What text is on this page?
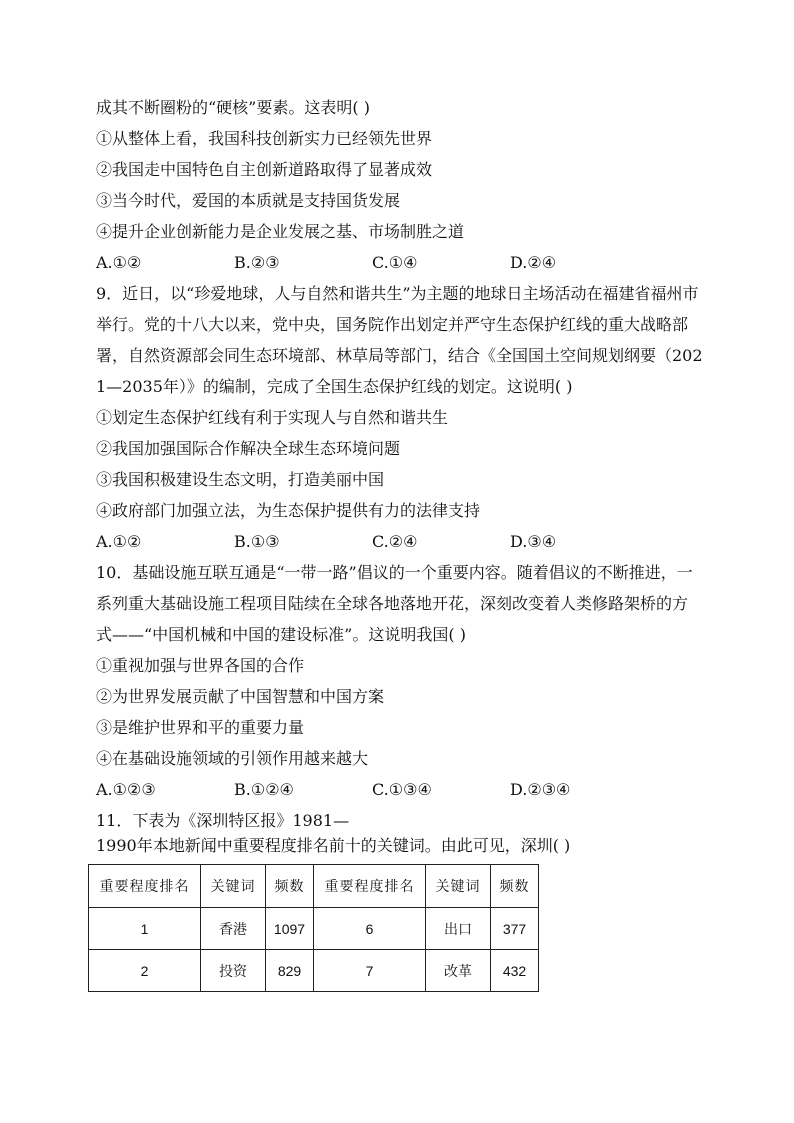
成其不断圈粉的“硬核”要素。这表明( )
①从整体上看，我国科技创新实力已经领先世界
②我国走中国特色自主创新道路取得了显著成效
③当今时代，爱国的本质就是支持国货发展
④提升企业创新能力是企业发展之基、市场制胜之道
A.①②	B.②③	C.①④	D.②④
9．近日，以“珍爱地球，人与自然和谐共生”为主题的地球日主场活动在福建省福州市
举行。党的十八大以来，党中央，国务院作出划定并严守生态保护红线的重大战略部
署，自然资源部会同生态环境部、林草局等部门，结合《全国国土空间规划纲要（202
1—2035年）》的编制，完成了全国生态保护红线的划定。这说明( )
①划定生态保护红线有利于实现人与自然和谐共生
②我国加强国际合作解决全球生态环境问题
③我国积极建设生态文明，打造美丽中国
④政府部门加强立法，为生态保护提供有力的法律支持
A.①②	B.①③	C.②④	D.③④
10．基础设施互联互通是“一带一路”倡议的一个重要内容。随着倡议的不断推进，一
系列重大基础设施工程项目陆续在全球各地落地开花，深刻改变着人类修路架桥的方
式——“中国机械和中国的建设标准”。这说明我国( )
①重视加强与世界各国的合作
②为世界发展贡献了中国智慧和中国方案
③是维护世界和平的重要力量
④在基础设施领域的引领作用越来越大
A.①②③	B.①②④	C.①③④	D.②③④
11．下表为《深圳特区报》1981—
1990年本地新闻中重要程度排名前十的关键词。由此可见，深圳( )
重要程度排名	关键词	频数	重要程度排名	关键词	频数
1	香港	1097	6	出口	377
2	投资	829	7	改革	432
